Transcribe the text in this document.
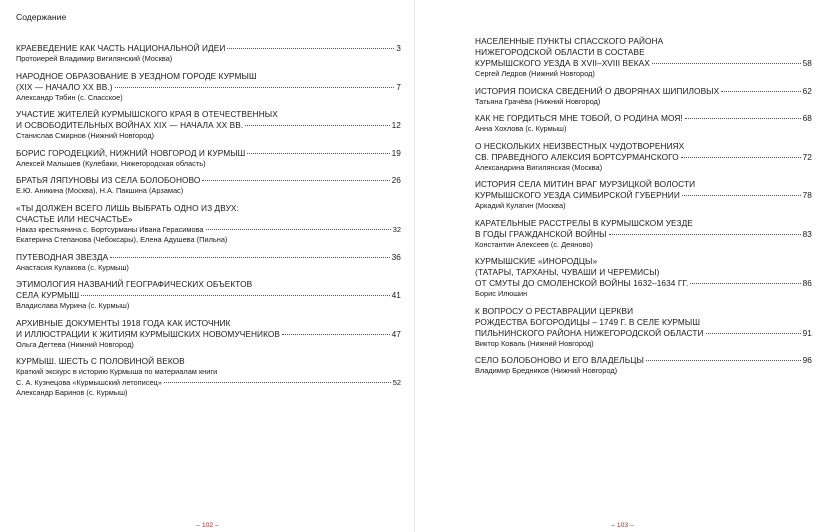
Содержание
КРАЕВЕДЕНИЕ КАК ЧАСТЬ НАЦИОНАЛЬНОЙ ИДЕИ	3
Протоиерей Владимир Вигилянский (Москва)
НАРОДНОЕ ОБРАЗОВАНИЕ В УЕЗДНОМ ГОРОДЕ КУРМЫШ
(XIX — НАЧАЛО XX ВВ.)	7
Александр Тябин (с. Спасское)
УЧАСТИЕ ЖИТЕЛЕЙ КУРМЫШСКОГО КРАЯ В ОТЕЧЕСТВЕННЫХ
И ОСВОБОДИТЕЛЬНЫХ ВОЙНАХ XIX — НАЧАЛА XX ВВ.	12
Станислав Смирнов (Нижний Новгород)
БОРИС ГОРОДЕЦКИЙ, НИЖНИЙ НОВГОРОД И КУРМЫШ	19
Алексей Малышев (Кулебаки, Нижегородская область)
БРАТЬЯ ЛЯПУНОВЫ ИЗ СЕЛА БОЛОБОНОВО	26
Е.Ю. Аникина (Москва), Н.А. Пакшина (Арзамас)
«ТЫ ДОЛЖЕН ВСЕГО ЛИШЬ ВЫБРАТЬ ОДНО ИЗ ДВУХ:
СЧАСТЬЕ ИЛИ НЕСЧАСТЬЕ»
Наказ крестьянина с. Бортсурманы Ивана Герасимова	32
Екатерина Степанова (Чебоксары), Елена Адушева (Пильна)
ПУТЕВОДНАЯ ЗВЕЗДА	36
Анастасия Кулакова (с. Курмыш)
ЭТИМОЛОГИЯ НАЗВАНИЙ ГЕОГРАФИЧЕСКИХ ОБЪЕКТОВ
СЕЛА КУРМЫШ	41
Владислава Мурина (с. Курмыш)
АРХИВНЫЕ ДОКУМЕНТЫ 1918 ГОДА КАК ИСТОЧНИК
И ИЛЛЮСТРАЦИИ К ЖИТИЯМ КУРМЫШСКИХ НОВОМУЧЕНИКОВ	47
Ольга Дегтева (Нижний Новгород)
КУРМЫШ. ШЕСТЬ С ПОЛОВИНОЙ ВЕКОВ
Краткий экскурс в историю Курмыша по материалам книги
С. А. Кузнецова «Курмышский летописец»	52
Александр Баринов (с. Курмыш)
– 102 –
НАСЕЛЕННЫЕ ПУНКТЫ СПАССКОГО РАЙОНА
НИЖЕГОРОДСКОЙ ОБЛАСТИ В СОСТАВЕ
КУРМЫШСКОГО УЕЗДА В XVII–XVIII ВЕКАХ	58
Сергей Ледров (Нижний Новгород)
ИСТОРИЯ ПОИСКА СВЕДЕНИЙ О ДВОРЯНАХ ШИПИЛОВЫХ	62
Татьяна Грачёва (Нижний Новгород)
КАК НЕ ГОРДИТЬСЯ МНЕ ТОБОЙ, О РОДИНА МОЯ!	68
Анна Хохлова (с. Курмыш)
О НЕСКОЛЬКИХ НЕИЗВЕСТНЫХ ЧУДОТВОРЕНИЯХ
СВ. ПРАВЕДНОГО АЛЕКСИЯ БОРТСУРМАНСКОГО	72
Александрина Вигилянская (Москва)
ИСТОРИЯ СЕЛА МИТИН ВРАГ МУРЗИЦКОЙ ВОЛОСТИ
КУРМЫШСКОГО УЕЗДА СИМБИРСКОЙ ГУБЕРНИИ	78
Аркадий Кулагин (Москва)
КАРАТЕЛЬНЫЕ РАССТРЕЛЫ В КУРМЫШСКОМ УЕЗДЕ
В ГОДЫ ГРАЖДАНСКОЙ ВОЙНЫ	83
Константин Алексеев (с. Деяново)
КУРМЫШСКИЕ «ИНОРОДЦЫ»
(ТАТАРЫ, ТАРХАНЫ, ЧУВАШИ И ЧЕРЕМИСЫ)
ОТ СМУТЫ ДО СМОЛЕНСКОЙ ВОЙНЫ 1632–1634 ГГ.	86
Борис Илюшин
К ВОПРОСУ О РЕСТАВРАЦИИ ЦЕРКВИ
РОЖДЕСТВА БОГОРОДИЦЫ – 1749 Г. В СЕЛЕ КУРМЫШ
ПИЛЬНИНСКОГО РАЙОНА НИЖЕГОРОДСКОЙ ОБЛАСТИ	91
Виктор Коваль (Нижний Новгород)
СЕЛО БОЛОБОНОВО И ЕГО ВЛАДЕЛЬЦЫ	96
Владимир Бредников (Нижний Новгород)
– 103 –
